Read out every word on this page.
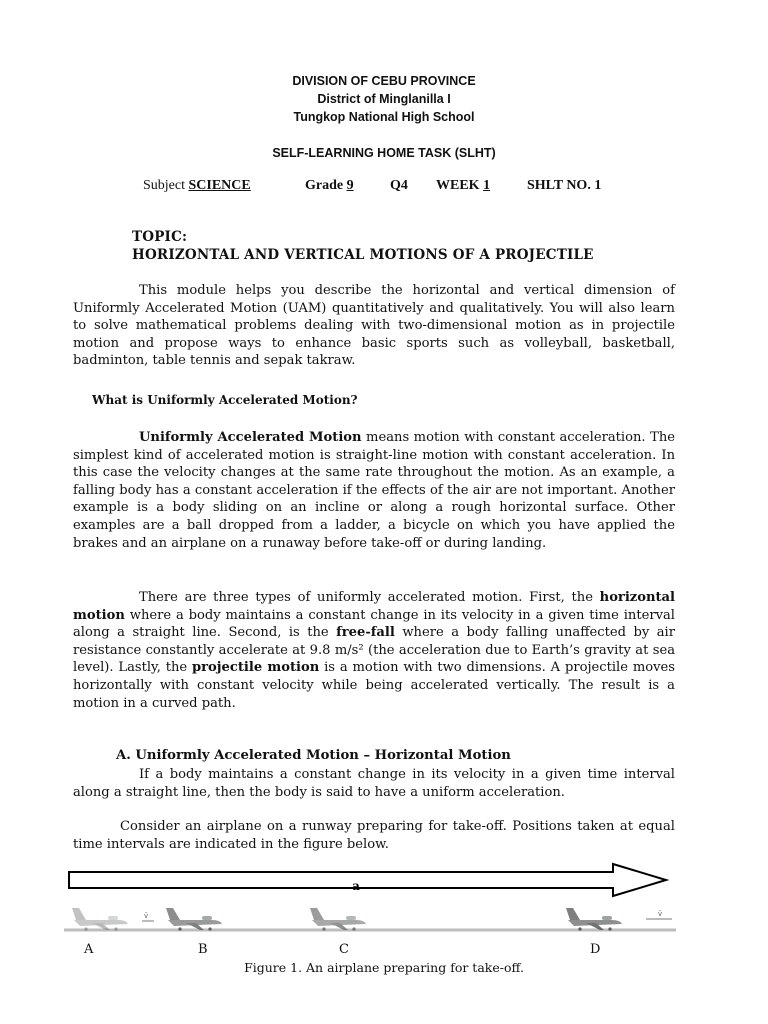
DIVISION OF CEBU PROVINCE
District of Minglanilla I
Tungkop National High School
SELF-LEARNING HOME TASK (SLHT)
Subject SCIENCE	Grade 9	Q4 WEEK 1	SHLT NO. 1
TOPIC:
HORIZONTAL AND VERTICAL MOTIONS OF A PROJECTILE

This module helps you describe the horizontal and vertical dimension of Uniformly Accelerated Motion (UAM) quantitatively and qualitatively. You will also learn to solve mathematical problems dealing with two-dimensional motion as in projectile motion and propose ways to enhance basic sports such as volleyball, basketball, badminton, table tennis and sepak takraw.

What is Uniformly Accelerated Motion?

Uniformly Accelerated Motion means motion with constant acceleration. The simplest kind of accelerated motion is straight-line motion with constant acceleration. In this case the velocity changes at the same rate throughout the motion. As an example, a falling body has a constant acceleration if the effects of the air are not important. Another example is a body sliding on an incline or along a rough horizontal surface. Other examples are a ball dropped from a ladder, a bicycle on which you have applied the brakes and an airplane on a runaway before take-off or during landing.

There are three types of uniformly accelerated motion. First, the horizontal motion where a body maintains a constant change in its velocity in a given time interval along a straight line. Second, is the free-fall where a body falling unaffected by air resistance constantly accelerate at 9.8 m/s² (the acceleration due to Earth’s gravity at sea level). Lastly, the projectile motion is a motion with two dimensions. A projectile moves horizontally with constant velocity while being accelerated vertically. The result is a motion in a curved path.

A. Uniformly Accelerated Motion – Horizontal Motion

If a body maintains a constant change in its velocity in a given time interval along a straight line, then the body is said to have a uniform acceleration.

Consider an airplane on a runway preparing for take-off. Positions taken at equal time intervals are indicated in the figure below.

a
v̄	v̄
A	B	C	D
Figure 1. An airplane preparing for take-off.
